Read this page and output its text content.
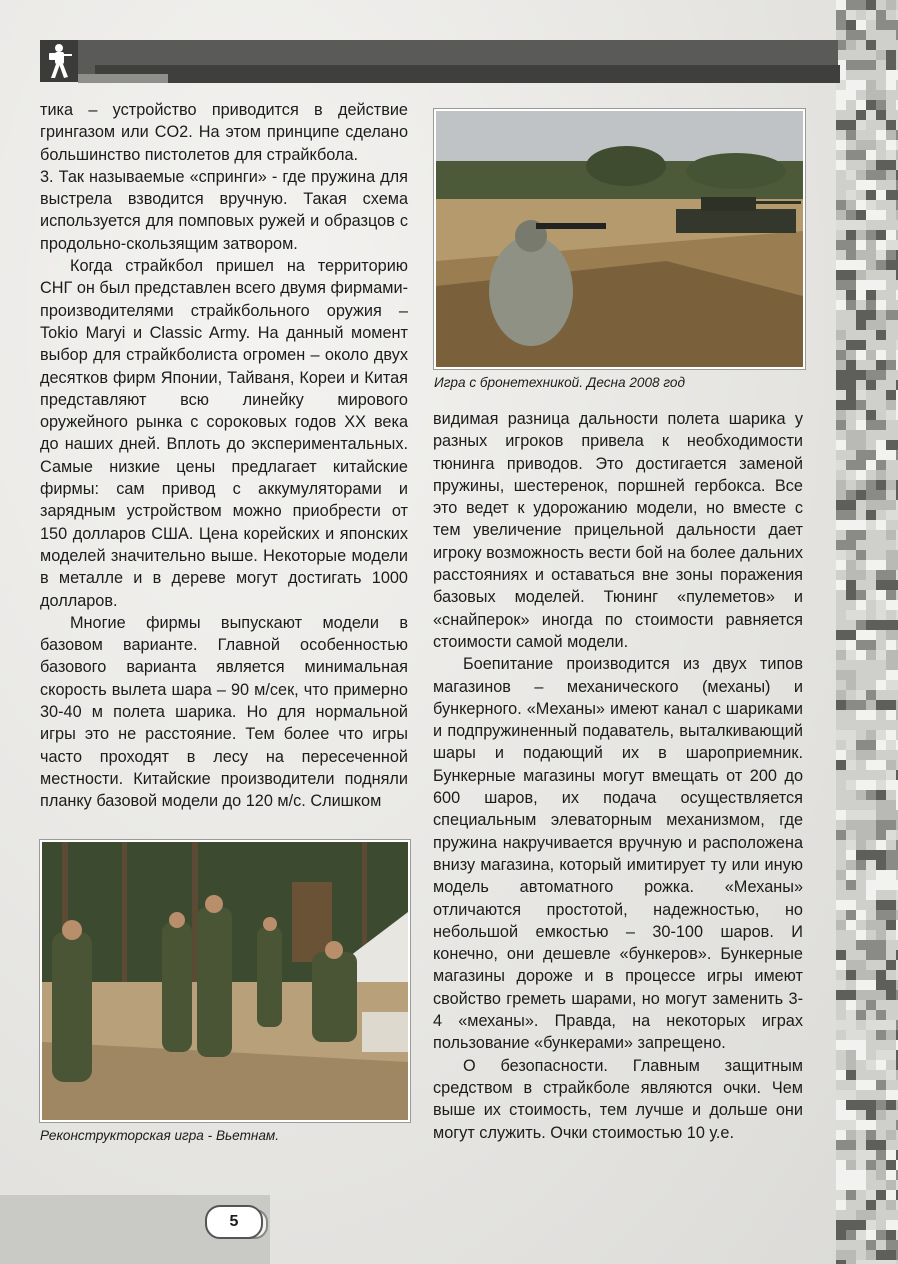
тика – устройство приводится в действие грингазом или CO2. На этом принципе сделано большинство пистолетов для страйкбола.

3. Так называемые «спринги» - где пружина для выстрела взводится вручную. Такая схема используется для помповых ружей и образцов с продольно-скользящим затвором.

Когда страйкбол пришел на территорию СНГ он был представлен всего двумя фирмами-производителями страйкбольного оружия – Tokio Maryi и Classic Army. На данный момент выбор для страйкболиста огромен – около двух десятков фирм Японии, Тайваня, Кореи и Китая представляют всю линейку мирового оружейного рынка с сороковых годов XX века до наших дней. Вплоть до экспериментальных. Самые низкие цены предлагает китайские фирмы: сам привод с аккумуляторами и зарядным устройством можно приобрести от 150 долларов США. Цена корейских и японских моделей значительно выше. Некоторые модели в металле и в дереве могут достигать 1000 долларов.

Многие фирмы выпускают модели в базовом варианте. Главной особенностью базового варианта является минимальная скорость вылета шара – 90 м/сек, что примерно 30-40 м полета шарика. Но для нормальной игры это не расстояние. Тем более что игры часто проходят в лесу на пересеченной местности. Китайские производители подняли планку базовой модели до 120 м/с. Слишком

Игра с бронетехникой. Десна 2008 год

видимая разница дальности полета шарика у разных игроков привела к необходимости тюнинга приводов. Это достигается заменой пружины, шестеренок, поршней гербокса. Все это ведет к удорожанию модели, но вместе с тем увеличение прицельной дальности дает игроку возможность вести бой на более дальних расстояниях и оставаться вне зоны поражения базовых моделей. Тюнинг «пулеметов» и «снайперок» иногда по стоимости равняется стоимости самой модели.

Боепитание производится из двух типов магазинов – механического (механы) и бункерного. «Механы» имеют канал с шариками и подпружиненный подаватель, выталкивающий шары и подающий их в шароприемник. Бункерные магазины могут вмещать от 200 до 600 шаров, их подача осуществляется специальным элеваторным механизмом, где пружина накручивается вручную и расположена внизу магазина, который имитирует ту или иную модель автоматного рожка. «Механы» отличаются простотой, надежностью, но небольшой емкостью – 30-100 шаров. И конечно, они дешевле «бункеров». Бункерные магазины дороже и в процессе игры имеют свойство греметь шарами, но могут заменить 3-4 «механы». Правда, на некоторых играх пользование «бункерами» запрещено.

О безопасности. Главным защитным средством в страйкболе являются очки. Чем выше их стоимость, тем лучше и дольше они могут служить. Очки стоимостью 10 у.е.

Реконструкторская игра - Вьетнам.
5
